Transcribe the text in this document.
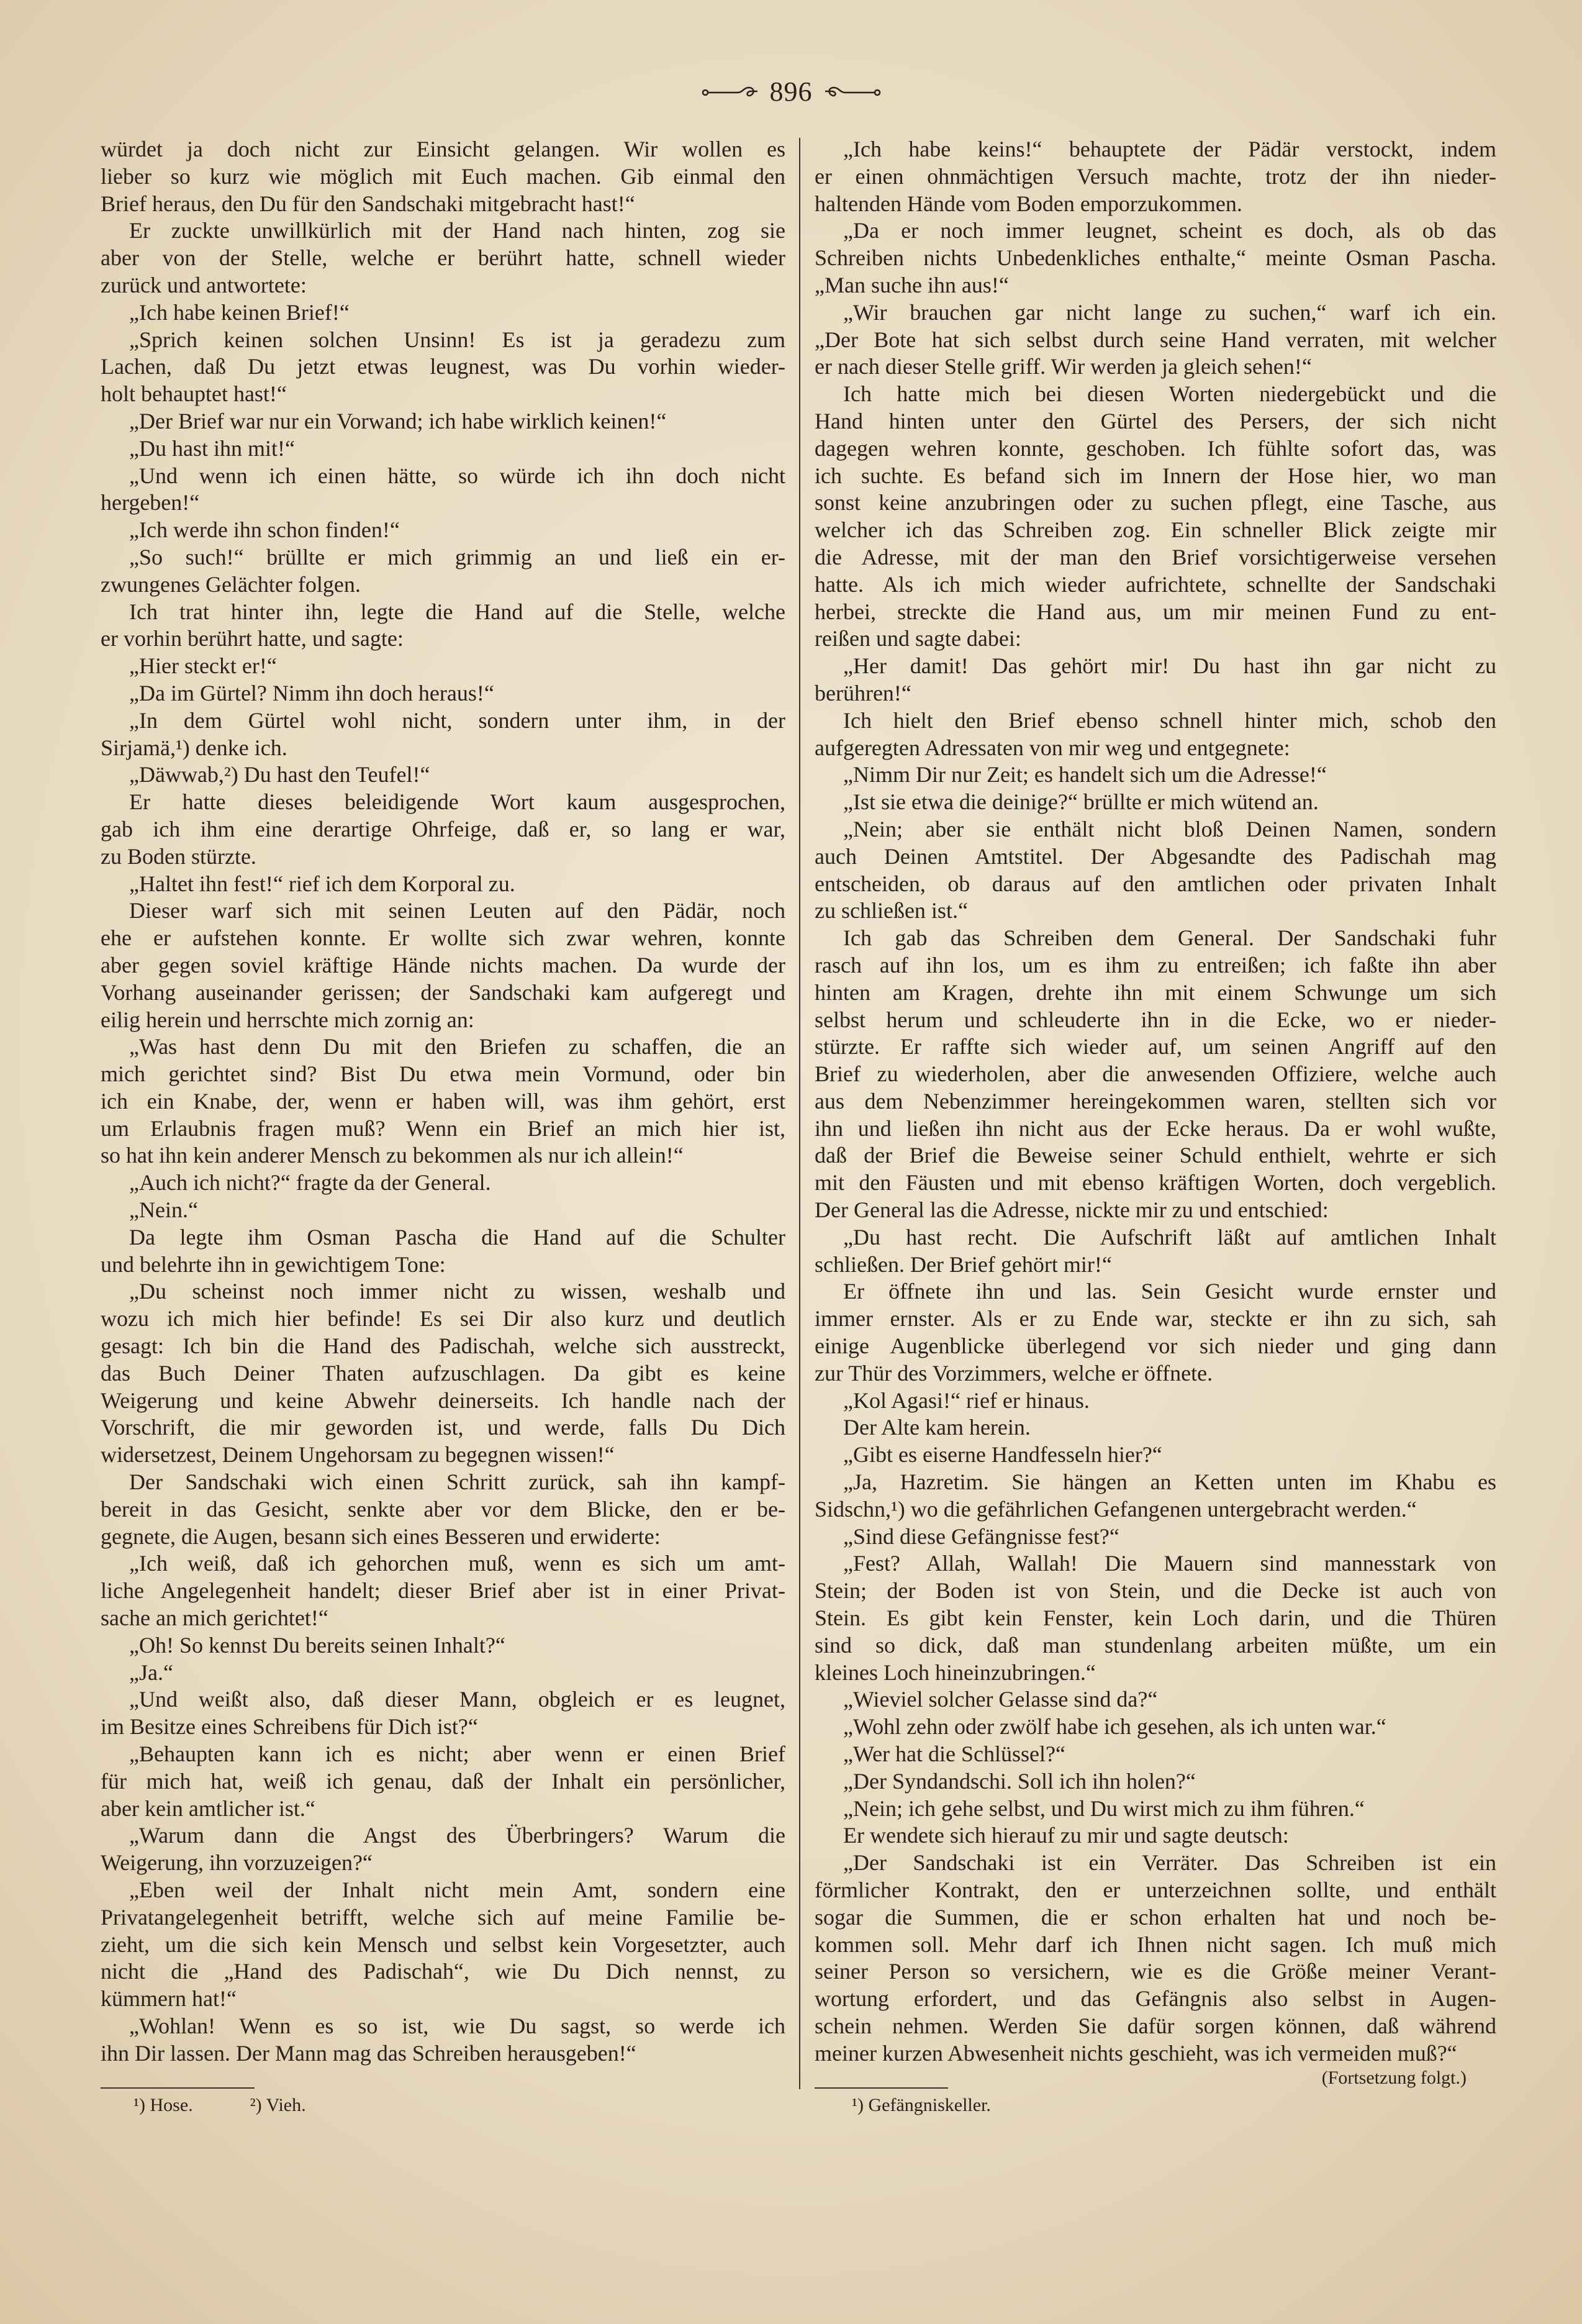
896
würdet ja doch nicht zur Einsicht gelangen. Wir wollen es
lieber so kurz wie möglich mit Euch machen. Gib einmal den
Brief heraus, den Du für den Sandschaki mitgebracht hast!“
Er zuckte unwillkürlich mit der Hand nach hinten, zog sie
aber von der Stelle, welche er berührt hatte, schnell wieder
zurück und antwortete:
„Ich habe keinen Brief!“
„Sprich keinen solchen Unsinn! Es ist ja geradezu zum
Lachen, daß Du jetzt etwas leugnest, was Du vorhin wieder-
holt behauptet hast!“
„Der Brief war nur ein Vorwand; ich habe wirklich keinen!“
„Du hast ihn mit!“
„Und wenn ich einen hätte, so würde ich ihn doch nicht
hergeben!“
„Ich werde ihn schon finden!“
„So such!“ brüllte er mich grimmig an und ließ ein er-
zwungenes Gelächter folgen.
Ich trat hinter ihn, legte die Hand auf die Stelle, welche
er vorhin berührt hatte, und sagte:
„Hier steckt er!“
„Da im Gürtel? Nimm ihn doch heraus!“
„In dem Gürtel wohl nicht, sondern unter ihm, in der
Sirjamä,¹) denke ich.
„Däwwab,²) Du hast den Teufel!“
Er hatte dieses beleidigende Wort kaum ausgesprochen,
gab ich ihm eine derartige Ohrfeige, daß er, so lang er war,
zu Boden stürzte.
„Haltet ihn fest!“ rief ich dem Korporal zu.
Dieser warf sich mit seinen Leuten auf den Pädär, noch
ehe er aufstehen konnte. Er wollte sich zwar wehren, konnte
aber gegen soviel kräftige Hände nichts machen. Da wurde der
Vorhang auseinander gerissen; der Sandschaki kam aufgeregt und
eilig herein und herrschte mich zornig an:
„Was hast denn Du mit den Briefen zu schaffen, die an
mich gerichtet sind? Bist Du etwa mein Vormund, oder bin
ich ein Knabe, der, wenn er haben will, was ihm gehört, erst
um Erlaubnis fragen muß? Wenn ein Brief an mich hier ist,
so hat ihn kein anderer Mensch zu bekommen als nur ich allein!“
„Auch ich nicht?“ fragte da der General.
„Nein.“
Da legte ihm Osman Pascha die Hand auf die Schulter
und belehrte ihn in gewichtigem Tone:
„Du scheinst noch immer nicht zu wissen, weshalb und
wozu ich mich hier befinde! Es sei Dir also kurz und deutlich
gesagt: Ich bin die Hand des Padischah, welche sich ausstreckt,
das Buch Deiner Thaten aufzuschlagen. Da gibt es keine
Weigerung und keine Abwehr deinerseits. Ich handle nach der
Vorschrift, die mir geworden ist, und werde, falls Du Dich
widersetzest, Deinem Ungehorsam zu begegnen wissen!“
Der Sandschaki wich einen Schritt zurück, sah ihn kampf-
bereit in das Gesicht, senkte aber vor dem Blicke, den er be-
gegnete, die Augen, besann sich eines Besseren und erwiderte:
„Ich weiß, daß ich gehorchen muß, wenn es sich um amt-
liche Angelegenheit handelt; dieser Brief aber ist in einer Privat-
sache an mich gerichtet!“
„Oh! So kennst Du bereits seinen Inhalt?“
„Ja.“
„Und weißt also, daß dieser Mann, obgleich er es leugnet,
im Besitze eines Schreibens für Dich ist?“
„Behaupten kann ich es nicht; aber wenn er einen Brief
für mich hat, weiß ich genau, daß der Inhalt ein persönlicher,
aber kein amtlicher ist.“
„Warum dann die Angst des Überbringers? Warum die
Weigerung, ihn vorzuzeigen?“
„Eben weil der Inhalt nicht mein Amt, sondern eine
Privatangelegenheit betrifft, welche sich auf meine Familie be-
zieht, um die sich kein Mensch und selbst kein Vorgesetzter, auch
nicht die „Hand des Padischah“, wie Du Dich nennst, zu
kümmern hat!“
„Wohlan! Wenn es so ist, wie Du sagst, so werde ich
ihn Dir lassen. Der Mann mag das Schreiben herausgeben!“
„Ich habe keins!“ behauptete der Pädär verstockt, indem
er einen ohnmächtigen Versuch machte, trotz der ihn nieder-
haltenden Hände vom Boden emporzukommen.
„Da er noch immer leugnet, scheint es doch, als ob das
Schreiben nichts Unbedenkliches enthalte,“ meinte Osman Pascha.
„Man suche ihn aus!“
„Wir brauchen gar nicht lange zu suchen,“ warf ich ein.
„Der Bote hat sich selbst durch seine Hand verraten, mit welcher
er nach dieser Stelle griff. Wir werden ja gleich sehen!“
Ich hatte mich bei diesen Worten niedergebückt und die
Hand hinten unter den Gürtel des Persers, der sich nicht
dagegen wehren konnte, geschoben. Ich fühlte sofort das, was
ich suchte. Es befand sich im Innern der Hose hier, wo man
sonst keine anzubringen oder zu suchen pflegt, eine Tasche, aus
welcher ich das Schreiben zog. Ein schneller Blick zeigte mir
die Adresse, mit der man den Brief vorsichtigerweise versehen
hatte. Als ich mich wieder aufrichtete, schnellte der Sandschaki
herbei, streckte die Hand aus, um mir meinen Fund zu ent-
reißen und sagte dabei:
„Her damit! Das gehört mir! Du hast ihn gar nicht zu
berühren!“
Ich hielt den Brief ebenso schnell hinter mich, schob den
aufgeregten Adressaten von mir weg und entgegnete:
„Nimm Dir nur Zeit; es handelt sich um die Adresse!“
„Ist sie etwa die deinige?“ brüllte er mich wütend an.
„Nein; aber sie enthält nicht bloß Deinen Namen, sondern
auch Deinen Amtstitel. Der Abgesandte des Padischah mag
entscheiden, ob daraus auf den amtlichen oder privaten Inhalt
zu schließen ist.“
Ich gab das Schreiben dem General. Der Sandschaki fuhr
rasch auf ihn los, um es ihm zu entreißen; ich faßte ihn aber
hinten am Kragen, drehte ihn mit einem Schwunge um sich
selbst herum und schleuderte ihn in die Ecke, wo er nieder-
stürzte. Er raffte sich wieder auf, um seinen Angriff auf den
Brief zu wiederholen, aber die anwesenden Offiziere, welche auch
aus dem Nebenzimmer hereingekommen waren, stellten sich vor
ihn und ließen ihn nicht aus der Ecke heraus. Da er wohl wußte,
daß der Brief die Beweise seiner Schuld enthielt, wehrte er sich
mit den Fäusten und mit ebenso kräftigen Worten, doch vergeblich.
Der General las die Adresse, nickte mir zu und entschied:
„Du hast recht. Die Aufschrift läßt auf amtlichen Inhalt
schließen. Der Brief gehört mir!“
Er öffnete ihn und las. Sein Gesicht wurde ernster und
immer ernster. Als er zu Ende war, steckte er ihn zu sich, sah
einige Augenblicke überlegend vor sich nieder und ging dann
zur Thür des Vorzimmers, welche er öffnete.
„Kol Agasi!“ rief er hinaus.
Der Alte kam herein.
„Gibt es eiserne Handfesseln hier?“
„Ja, Hazretim. Sie hängen an Ketten unten im Khabu es
Sidschn,¹) wo die gefährlichen Gefangenen untergebracht werden.“
„Sind diese Gefängnisse fest?“
„Fest? Allah, Wallah! Die Mauern sind mannesstark von
Stein; der Boden ist von Stein, und die Decke ist auch von
Stein. Es gibt kein Fenster, kein Loch darin, und die Thüren
sind so dick, daß man stundenlang arbeiten müßte, um ein
kleines Loch hineinzubringen.“
„Wieviel solcher Gelasse sind da?“
„Wohl zehn oder zwölf habe ich gesehen, als ich unten war.“
„Wer hat die Schlüssel?“
„Der Syndandschi. Soll ich ihn holen?“
„Nein; ich gehe selbst, und Du wirst mich zu ihm führen.“
Er wendete sich hierauf zu mir und sagte deutsch:
„Der Sandschaki ist ein Verräter. Das Schreiben ist ein
förmlicher Kontrakt, den er unterzeichnen sollte, und enthält
sogar die Summen, die er schon erhalten hat und noch be-
kommen soll. Mehr darf ich Ihnen nicht sagen. Ich muß mich
seiner Person so versichern, wie es die Größe meiner Verant-
wortung erfordert, und das Gefängnis also selbst in Augen-
schein nehmen. Werden Sie dafür sorgen können, daß während
meiner kurzen Abwesenheit nichts geschieht, was ich vermeiden muß?“
(Fortsetzung folgt.)
¹) Hose.	²) Vieh.	¹) Gefängniskeller.
